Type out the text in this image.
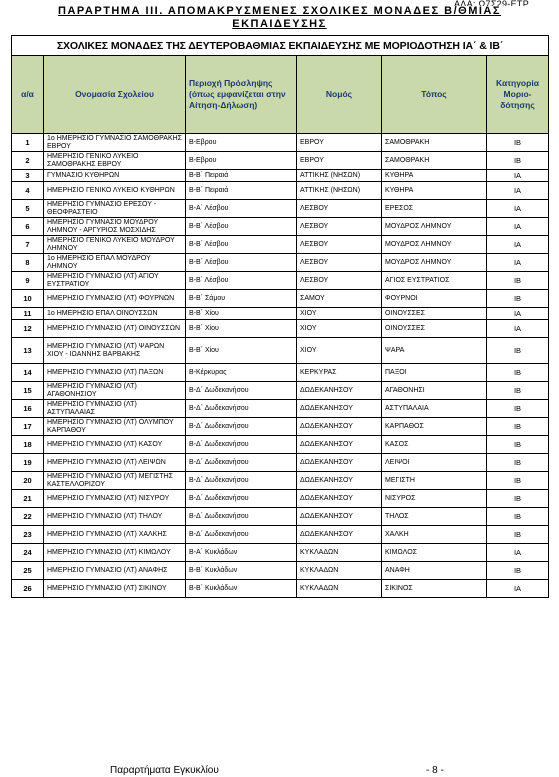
ΑΔΑ: Ω7Σ29-ΕΤΡ
ΠΑΡΑΡΤΗΜΑ ΙΙΙ. ΑΠΟΜΑΚΡΥΣΜΕΝΕΣ ΣΧΟΛΙΚΕΣ ΜΟΝΑΔΕΣ Β/ΘΜΙΑΣ
ΕΚΠΑΙΔΕΥΣΗΣ
ΣΧΟΛΙΚΕΣ ΜΟΝΑΔΕΣ ΤΗΣ ΔΕΥΤΕΡΟΒΑΘΜΙΑΣ ΕΚΠΑΙΔΕΥΣΗΣ ΜΕ ΜΟΡΙΟΔΟΤΗΣΗ ΙΑ΄ & ΙΒ΄					
α/α	Ονομασία Σχολείου	Περιοχή Πρόσληψης (όπως εμφανίζεται στην Αίτηση-Δήλωση)	Νομός	Τόπος	Κατηγορία Μοριο-δότησης
1	1ο ΗΜΕΡΗΣΙΟ ΓΥΜΝΑΣΙΟ ΣΑΜΟΘΡΑΚΗΣ ΕΒΡΟΥ	Β-Εβρου	ΕΒΡΟΥ	ΣΑΜΟΘΡΑΚΗ	ΙΒ
2	ΗΜΕΡΗΣΙΟ ΓΕΝΙΚΟ ΛΥΚΕΙΟ ΣΑΜΟΘΡΑΚΗΣ ΕΒΡΟΥ	Β-Εβρου	ΕΒΡΟΥ	ΣΑΜΟΘΡΑΚΗ	ΙΒ
3	ΓΥΜΝΑΣΙΟ ΚΥΘΗΡΩΝ	Β-Β΄ Πειραιά	ΑΤΤΙΚΗΣ (ΝΗΣΩΝ)	ΚΥΘΗΡΑ	ΙΑ
4	ΗΜΕΡΗΣΙΟ ΓΕΝΙΚΟ ΛΥΚΕΙΟ ΚΥΘΗΡΩΝ	Β-Β΄ Πειραιά	ΑΤΤΙΚΗΣ (ΝΗΣΩΝ)	ΚΥΘΗΡΑ	ΙΑ
5	ΗΜΕΡΗΣΙΟ ΓΥΜΝΑΣΙΟ ΕΡΕΣΟΥ - ΘΕΟΦΡΑΣΤΕΙΟ	Β-Α΄ Λέσβου	ΛΕΣΒΟΥ	ΕΡΕΣΟΣ	ΙΑ
6	ΗΜΕΡΗΣΙΟ ΓΥΜΝΑΣΙΟ ΜΟΥΔΡΟΥ ΛΗΜΝΟΥ - ΑΡΓΥΡΙΟΣ ΜΟΣΧΙΔΗΣ	Β-Β΄ Λέσβου	ΛΕΣΒΟΥ	ΜΟΥΔΡΟΣ ΛΗΜΝΟΥ	ΙΑ
7	ΗΜΕΡΗΣΙΟ ΓΕΝΙΚΟ ΛΥΚΕΙΟ ΜΟΥΔΡΟΥ ΛΗΜΝΟΥ	Β-Β΄ Λέσβου	ΛΕΣΒΟΥ	ΜΟΥΔΡΟΣ ΛΗΜΝΟΥ	ΙΑ
8	1ο ΗΜΕΡΗΣΙΟ ΕΠΑΛ ΜΟΥΔΡΟΥ ΛΗΜΝΟΥ	Β-Β΄ Λέσβου	ΛΕΣΒΟΥ	ΜΟΥΔΡΟΣ ΛΗΜΝΟΥ	ΙΑ
9	ΗΜΕΡΗΣΙΟ ΓΥΜΝΑΣΙΟ (ΛΤ) ΑΓΙΟΥ ΕΥΣΤΡΑΤΙΟΥ	Β-Β΄ Λέσβου	ΛΕΣΒΟΥ	ΑΓΙΟΣ ΕΥΣΤΡΑΤΙΟΣ	ΙΒ
10	ΗΜΕΡΗΣΙΟ ΓΥΜΝΑΣΙΟ (ΛΤ) ΦΟΥΡΝΩΝ	Β-Β΄ Σάμου	ΣΑΜΟΥ	ΦΟΥΡΝΟΙ	ΙΒ
11	1ο ΗΜΕΡΗΣΙΟ ΕΠΑΛ ΟΙΝΟΥΣΣΩΝ	Β-Β΄ Χίου	ΧΙΟΥ	ΟΙΝΟΥΣΣΕΣ	ΙΑ
12	ΗΜΕΡΗΣΙΟ ΓΥΜΝΑΣΙΟ (ΛΤ) ΟΙΝΟΥΣΣΩΝ	Β-Β΄ Χίου	ΧΙΟΥ	ΟΙΝΟΥΣΣΕΣ	ΙΑ
13	ΗΜΕΡΗΣΙΟ ΓΥΜΝΑΣΙΟ (ΛΤ) ΨΑΡΩΝ ΧΙΟΥ - ΙΩΑΝΝΗΣ ΒΑΡΒΑΚΗΣ	Β-Β΄ Χίου	ΧΙΟΥ	ΨΑΡΑ	ΙΒ
14	ΗΜΕΡΗΣΙΟ ΓΥΜΝΑΣΙΟ (ΛΤ) ΠΑΞΩΝ	Β-Κέρκυρας	ΚΕΡΚΥΡΑΣ	ΠΑΞΟΙ	ΙΒ
15	ΗΜΕΡΗΣΙΟ ΓΥΜΝΑΣΙΟ (ΛΤ) ΑΓΑΘΟΝΗΣΙΟΥ	Β-Δ΄ Δωδεκανήσου	ΔΩΔΕΚΑΝΗΣΟΥ	ΑΓΑΘΟΝΗΣΙ	ΙΒ
16	ΗΜΕΡΗΣΙΟ ΓΥΜΝΑΣΙΟ (ΛΤ) ΑΣΤΥΠΑΛΑΙΑΣ	Β-Δ΄ Δωδεκανήσου	ΔΩΔΕΚΑΝΗΣΟΥ	ΑΣΤΥΠΑΛΑΙΑ	ΙΒ
17	ΗΜΕΡΗΣΙΟ ΓΥΜΝΑΣΙΟ (ΛΤ) ΟΛΥΜΠΟΥ ΚΑΡΠΑΘΟΥ	Β-Δ΄ Δωδεκανήσου	ΔΩΔΕΚΑΝΗΣΟΥ	ΚΑΡΠΑΘΟΣ	ΙΒ
18	ΗΜΕΡΗΣΙΟ ΓΥΜΝΑΣΙΟ (ΛΤ) ΚΑΣΟΥ	Β-Δ΄ Δωδεκανήσου	ΔΩΔΕΚΑΝΗΣΟΥ	ΚΑΣΟΣ	ΙΒ
19	ΗΜΕΡΗΣΙΟ ΓΥΜΝΑΣΙΟ (ΛΤ) ΛΕΙΨΩΝ	Β-Δ΄ Δωδεκανήσου	ΔΩΔΕΚΑΝΗΣΟΥ	ΛΕΙΨΟΙ	ΙΒ
20	ΗΜΕΡΗΣΙΟ ΓΥΜΝΑΣΙΟ (ΛΤ) ΜΕΓΙΣΤΗΣ ΚΑΣΤΕΛΛΟΡΙΖΟΥ	Β-Δ΄ Δωδεκανήσου	ΔΩΔΕΚΑΝΗΣΟΥ	ΜΕΓΙΣΤΗ	ΙΒ
21	ΗΜΕΡΗΣΙΟ ΓΥΜΝΑΣΙΟ (ΛΤ) ΝΙΣΥΡΟΥ	Β-Δ΄ Δωδεκανήσου	ΔΩΔΕΚΑΝΗΣΟΥ	ΝΙΣΥΡΟΣ	ΙΒ
22	ΗΜΕΡΗΣΙΟ ΓΥΜΝΑΣΙΟ (ΛΤ) ΤΗΛΟΥ	Β-Δ΄ Δωδεκανήσου	ΔΩΔΕΚΑΝΗΣΟΥ	ΤΗΛΟΣ	ΙΒ
23	ΗΜΕΡΗΣΙΟ ΓΥΜΝΑΣΙΟ (ΛΤ) ΧΑΛΚΗΣ	Β-Δ΄ Δωδεκανήσου	ΔΩΔΕΚΑΝΗΣΟΥ	ΧΑΛΚΗ	ΙΒ
24	ΗΜΕΡΗΣΙΟ ΓΥΜΝΑΣΙΟ (ΛΤ) ΚΙΜΩΛΟΥ	Β-Α΄ Κυκλάδων	ΚΥΚΛΑΔΩΝ	ΚΙΜΩΛΟΣ	ΙΑ
25	ΗΜΕΡΗΣΙΟ ΓΥΜΝΑΣΙΟ (ΛΤ) ΑΝΑΦΗΣ	Β-Β΄ Κυκλάδων	ΚΥΚΛΑΔΩΝ	ΑΝΑΦΗ	ΙΒ
26	ΗΜΕΡΗΣΙΟ ΓΥΜΝΑΣΙΟ (ΛΤ) ΣΙΚΙΝΟΥ	Β-Β΄ Κυκλάδων	ΚΥΚΛΑΔΩΝ	ΣΙΚΙΝΟΣ	ΙΑ
Παραρτήματα Εγκυκλίου	- 8 -
